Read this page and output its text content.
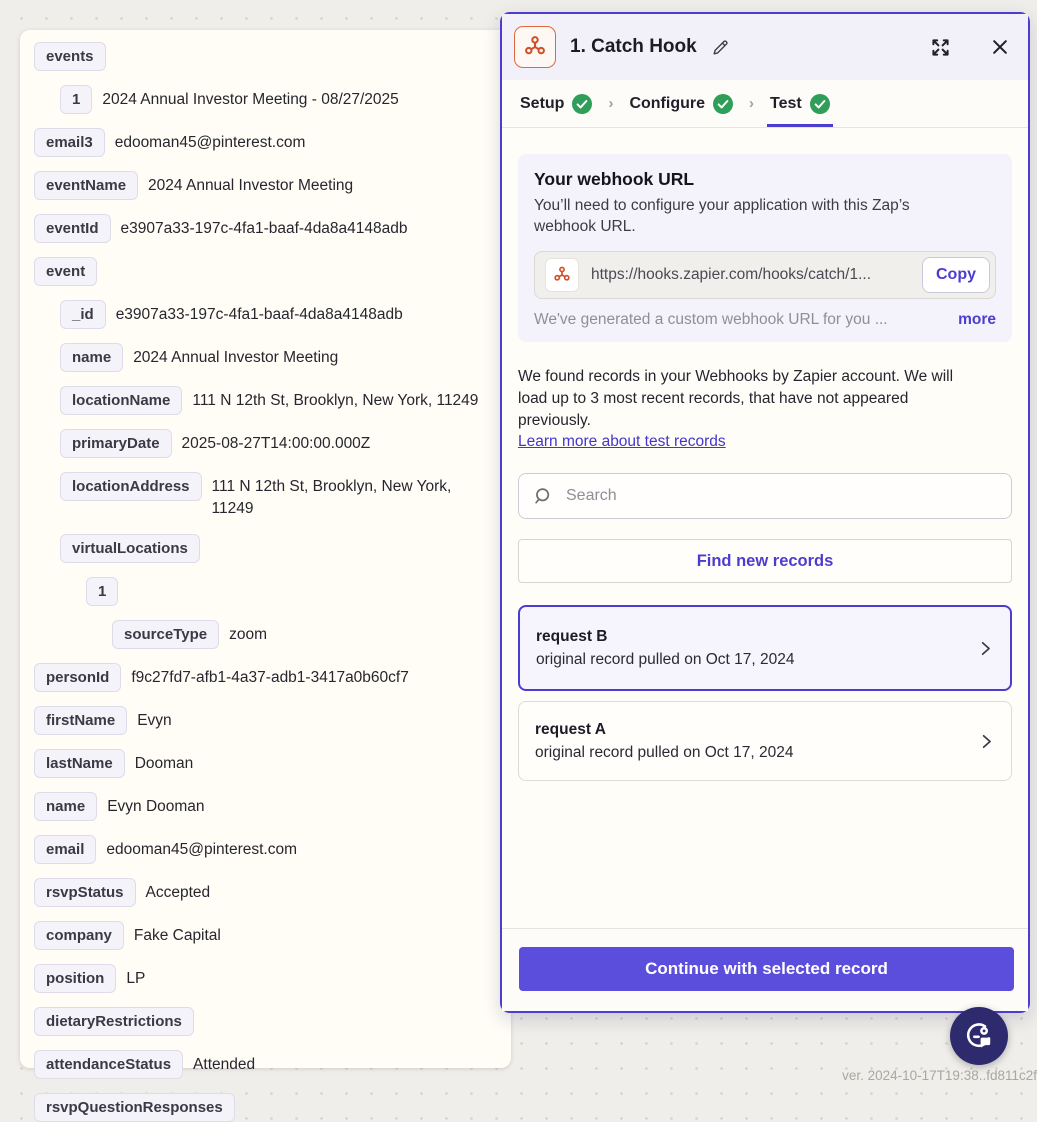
events
1	2024 Annual Investor Meeting - 08/27/2025
email3	edooman45@pinterest.com
eventName	2024 Annual Investor Meeting
eventId	e3907a33-197c-4fa1-baaf-4da8a4148adb
event
_id	e3907a33-197c-4fa1-baaf-4da8a4148adb
name	2024 Annual Investor Meeting
locationName	111 N 12th St, Brooklyn, New York, 11249
primaryDate	2025-08-27T14:00:00.000Z
locationAddress	111 N 12th St, Brooklyn, New York, 11249
virtualLocations
1
sourceType	zoom
personId	f9c27fd7-afb1-4a37-adb1-3417a0b60cf7
firstName	Evyn
lastName	Dooman
name	Evyn Dooman
email	edooman45@pinterest.com
rsvpStatus	Accepted
company	Fake Capital
position	LP
dietaryRestrictions
attendanceStatus	Attended
rsvpQuestionResponses
1. Catch Hook
Setup	› Configure	› Test
Your webhook URL
You’ll need to configure your application with this Zap’s webhook URL.
https://hooks.zapier.com/hooks/catch/1...	Copy
We've generated a custom webhook URL for you ...	more

We found records in your Webhooks by Zapier account. We will load up to 3 most recent records, that have not appeared previously.

Learn more about test records
Search
Find new records
request B
original record pulled on Oct 17, 2024
request A
original record pulled on Oct 17, 2024
Continue with selected record
ver. 2024-10-17T19:38..fd811c2f
